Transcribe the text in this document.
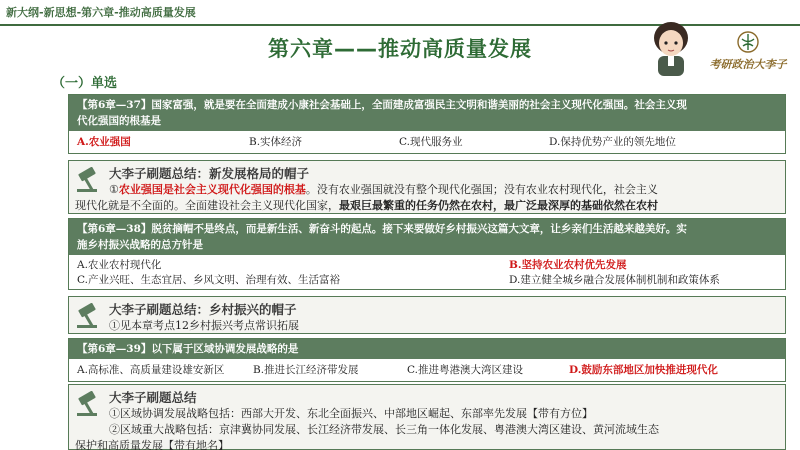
新大纲-新思想-第六章-推动高质量发展
第六章——推动高质量发展
考研政治大李子
（一）单选
【第6章—37】国家富强，就是要在全面建成小康社会基础上，全面建成富强民主文明和谐美丽的社会主义现代化强国。社会主义现
代化强国的根基是
A.农业强国	B.实体经济	C.现代服务业	D.保持优势产业的领先地位
大李子刷题总结：新发展格局的帽子
①农业强国是社会主义现代化强国的根基。没有农业强国就没有整个现代化强国；没有农业农村现代化，社会主义
现代化就是不全面的。全面建设社会主义现代化国家，最艰巨最繁重的任务仍然在农村，最广泛最深厚的基础依然在农村
【第6章—38】脱贫摘帽不是终点，而是新生活、新奋斗的起点。接下来要做好乡村振兴这篇大文章，让乡亲们生活越来越美好。实
施乡村振兴战略的总方针是
A.农业农村现代化	B.坚持农业农村优先发展
C.产业兴旺、生态宜居、乡风文明、治理有效、生活富裕	D.建立健全城乡融合发展体制机制和政策体系
大李子刷题总结：乡村振兴的帽子
①见本章考点12乡村振兴考点常识拓展
【第6章—39】以下属于区域协调发展战略的是
A.高标准、高质量建设雄安新区	B.推进长江经济带发展	C.推进粤港澳大湾区建设	D.鼓励东部地区加快推进现代化
大李子刷题总结
①区域协调发展战略包括：西部大开发、东北全面振兴、中部地区崛起、东部率先发展【带有方位】
②区域重大战略包括：京津冀协同发展、长江经济带发展、长三角一体化发展、粤港澳大湾区建设、黄河流域生态
保护和高质量发展【带有地名】
